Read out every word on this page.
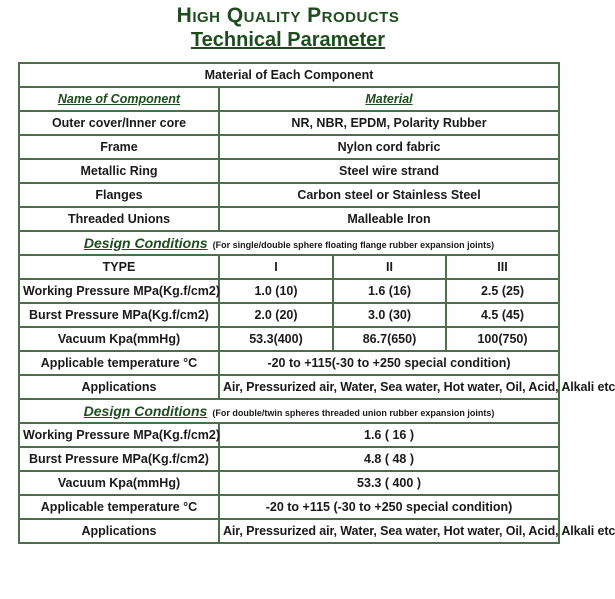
High Quality Products
Technical Parameter
Material of Each Component			
Name of Component	Material		
Outer cover/Inner core	NR, NBR, EPDM, Polarity Rubber		
Frame	Nylon cord fabric		
Metallic Ring	Steel wire strand		
Flanges	Carbon steel or Stainless Steel		
Threaded Unions	Malleable Iron		
Design Conditions (For single/double sphere floating flange rubber expansion joints)			
TYPE	I	II	III
Working Pressure MPa(Kg.f/cm2)	1.0 (10)	1.6 (16)	2.5 (25)
Burst Pressure MPa(Kg.f/cm2)	2.0 (20)	3.0 (30)	4.5 (45)
Vacuum Kpa(mmHg)	53.3(400)	86.7(650)	100(750)
Applicable temperature °C	-20 to +115(-30 to +250 special condition)		
Applications	Air, Pressurized air, Water, Sea water, Hot water, Oil, Acid, Alkali etc		
Design Conditions (For double/twin spheres threaded union rubber expansion joints)			
Working Pressure MPa(Kg.f/cm2)	1.6 ( 16 )		
Burst Pressure MPa(Kg.f/cm2)	4.8 ( 48 )		
Vacuum Kpa(mmHg)	53.3 ( 400 )		
Applicable temperature °C	-20 to +115 (-30 to +250 special condition)		
Applications	Air, Pressurized air, Water, Sea water, Hot water, Oil, Acid, Alkali etc		
